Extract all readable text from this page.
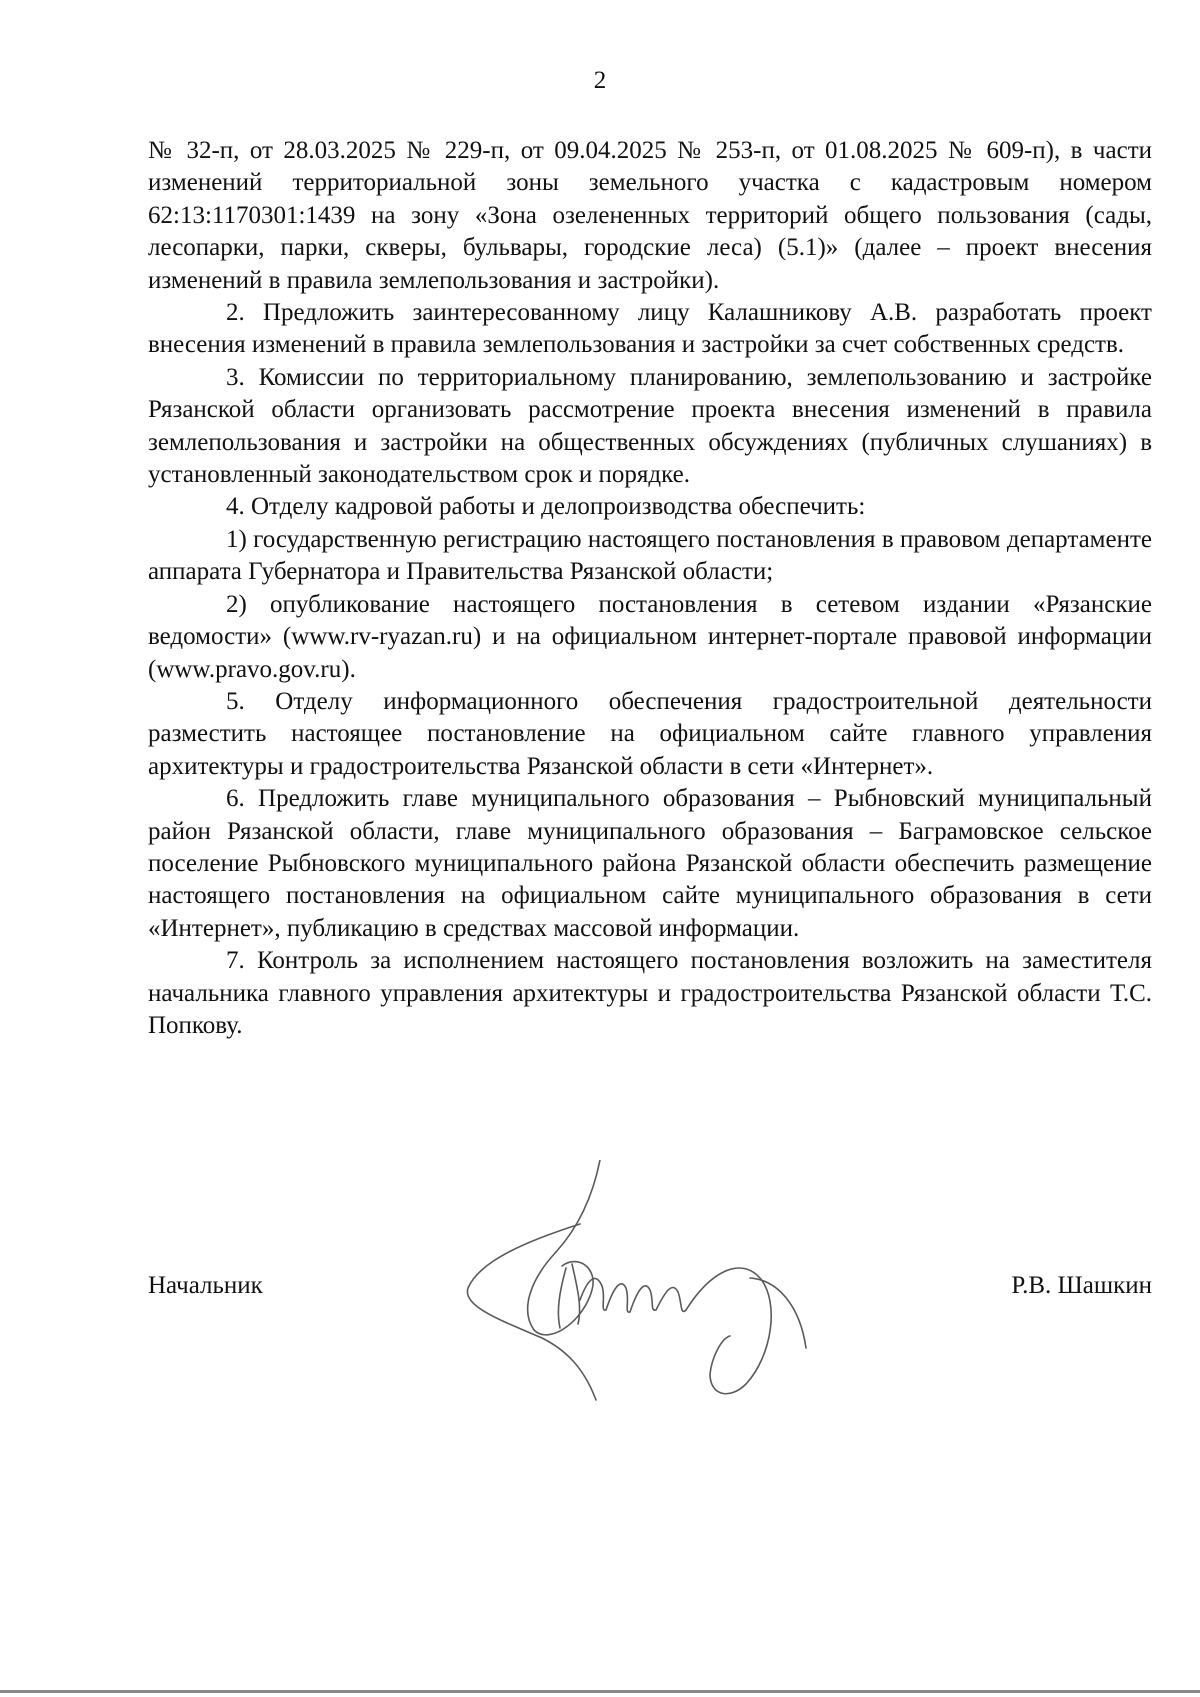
2

№ 32-п, от 28.03.2025 № 229-п, от 09.04.2025 № 253-п, от 01.08.2025 № 609-п), в части изменений территориальной зоны земельного участка с кадастровым номером 62:13:1170301:1439 на зону «Зона озелененных территорий общего пользования (сады, лесопарки, парки, скверы, бульвары, городские леса) (5.1)» (далее – проект внесения изменений в правила землепользования и застройки).

2. Предложить заинтересованному лицу Калашникову А.В. разработать проект внесения изменений в правила землепользования и застройки за счет собственных средств.

3. Комиссии по территориальному планированию, землепользованию и застройке Рязанской области организовать рассмотрение проекта внесения изменений в правила землепользования и застройки на общественных обсуждениях (публичных слушаниях) в установленный законодательством срок и порядке.

4. Отделу кадровой работы и делопроизводства обеспечить:

1) государственную регистрацию настоящего постановления в правовом департаменте аппарата Губернатора и Правительства Рязанской области;

2) опубликование настоящего постановления в сетевом издании «Рязанские ведомости» (www.rv-ryazan.ru) и на официальном интернет-портале правовой информации (www.pravo.gov.ru).

5. Отделу информационного обеспечения градостроительной деятельности разместить настоящее постановление на официальном сайте главного управления архитектуры и градостроительства Рязанской области в сети «Интернет».

6. Предложить главе муниципального образования – Рыбновский муниципальный район Рязанской области, главе муниципального образования – Баграмовское сельское поселение Рыбновского муниципального района Рязанской области обеспечить размещение настоящего постановления на официальном сайте муниципального образования в сети «Интернет», публикацию в средствах массовой информации.

7. Контроль за исполнением настоящего постановления возложить на заместителя начальника главного управления архитектуры и градостроительства Рязанской области Т.С. Попкову.

Начальник	Р.В. Шашкин
